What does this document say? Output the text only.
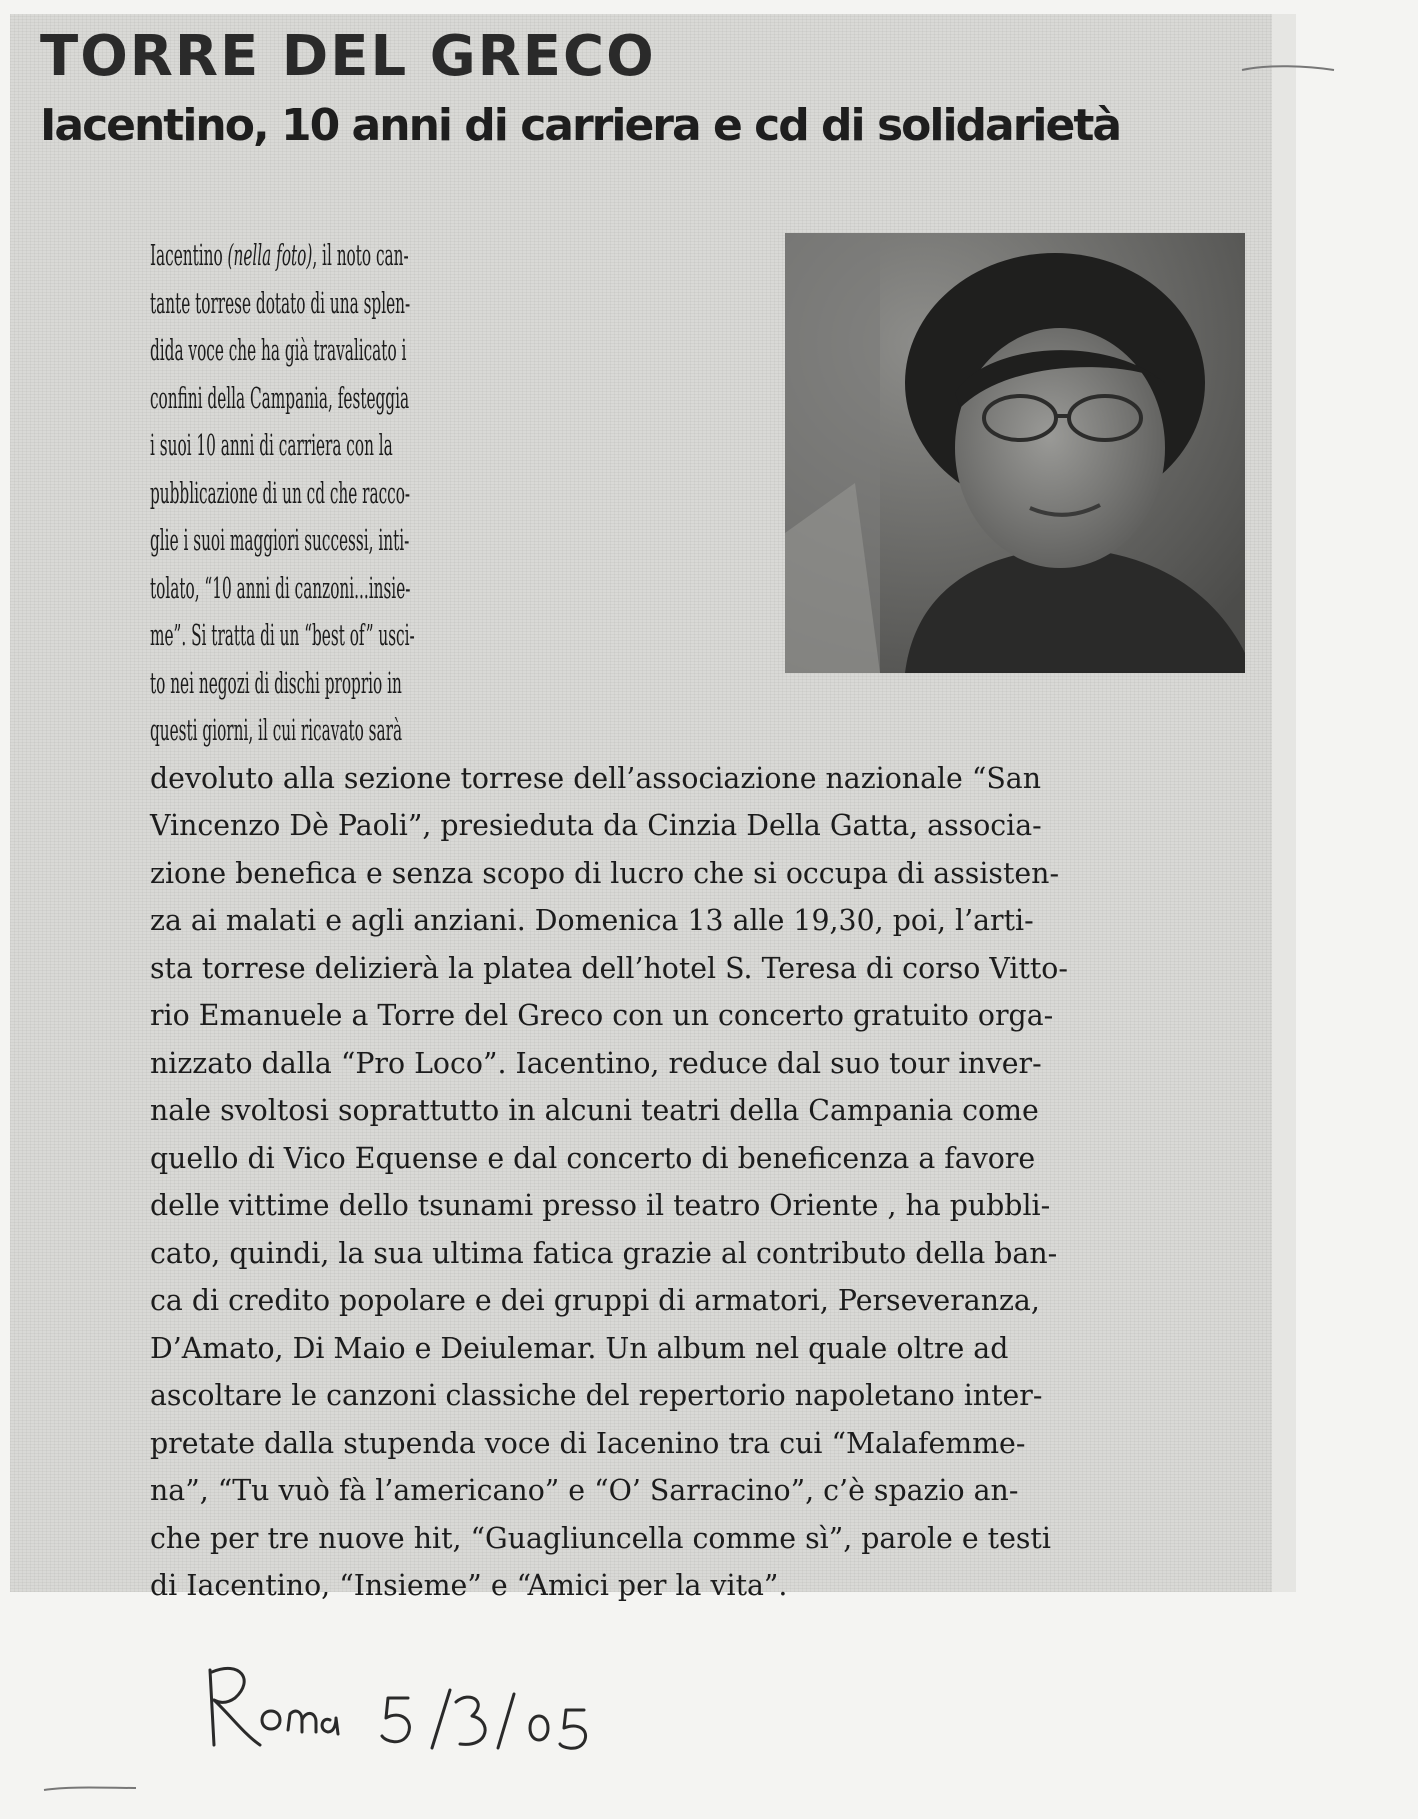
TORRE DEL GRECO
Iacentino, 10 anni di carriera e cd di solidarietà
Iacentino (nella foto), il noto can-
tante torrese dotato di una splen-
dida voce che ha già travalicato i
confini della Campania, festeggia
i suoi 10 anni di carriera con la
pubblicazione di un cd che racco-
glie i suoi maggiori successi, inti-
tolato, “10 anni di canzoni...insie-
me”. Si tratta di un “best of” usci-
to nei negozi di dischi proprio in
questi giorni, il cui ricavato sarà
devoluto alla sezione torrese dell’associazione nazionale “San
Vincenzo Dè Paoli”, presieduta da Cinzia Della Gatta, associa-
zione benefica e senza scopo di lucro che si occupa di assisten-
za ai malati e agli anziani. Domenica 13 alle 19,30, poi, l’arti-
sta torrese delizierà la platea dell’hotel S. Teresa di corso Vitto-
rio Emanuele a Torre del Greco con un concerto gratuito orga-
nizzato dalla “Pro Loco”. Iacentino, reduce dal suo tour inver-
nale svoltosi soprattutto in alcuni teatri della Campania come
quello di Vico Equense e dal concerto di beneficenza a favore
delle vittime dello tsunami presso il teatro Oriente , ha pubbli-
cato, quindi, la sua ultima fatica grazie al contributo della ban-
ca di credito popolare e dei gruppi di armatori, Perseveranza,
D’Amato, Di Maio e Deiulemar. Un album nel quale oltre ad
ascoltare le canzoni classiche del repertorio napoletano inter-
pretate dalla stupenda voce di Iacenino tra cui “Malafemme-
na”, “Tu vuò fà l’americano” e “O’ Sarracino”, c’è spazio an-
che per tre nuove hit, “Guagliuncella comme sì”, parole e testi
di Iacentino, “Insieme” e “Amici per la vita”.
